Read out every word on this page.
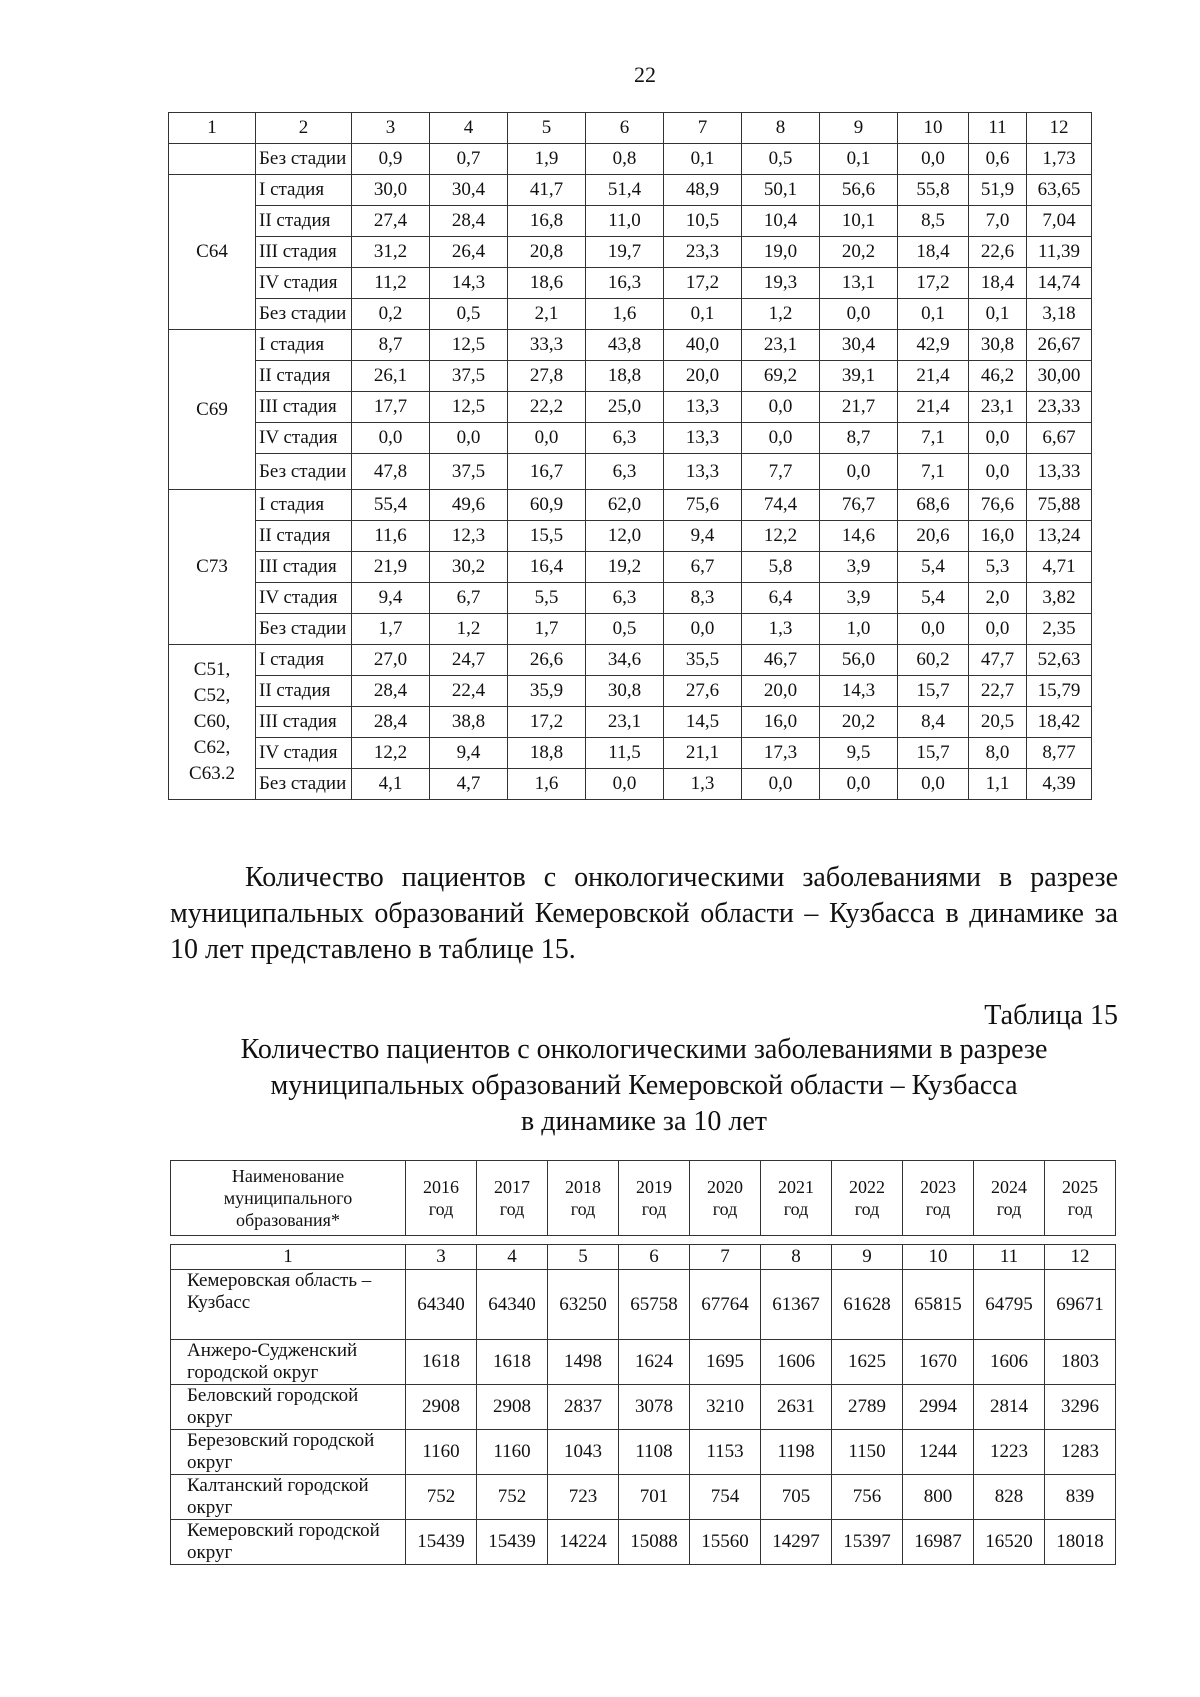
22
1	2	3	4	5	6	7	8	9	10	11	12
	Без стадии	0,9	0,7	1,9	0,8	0,1	0,5	0,1	0,0	0,6	1,73
С64	I стадия	30,0	30,4	41,7	51,4	48,9	50,1	56,6	55,8	51,9	63,65
	II стадия	27,4	28,4	16,8	11,0	10,5	10,4	10,1	8,5	7,0	7,04
	III стадия	31,2	26,4	20,8	19,7	23,3	19,0	20,2	18,4	22,6	11,39
	IV стадия	11,2	14,3	18,6	16,3	17,2	19,3	13,1	17,2	18,4	14,74
	Без стадии	0,2	0,5	2,1	1,6	0,1	1,2	0,0	0,1	0,1	3,18
С69	I стадия	8,7	12,5	33,3	43,8	40,0	23,1	30,4	42,9	30,8	26,67
	II стадия	26,1	37,5	27,8	18,8	20,0	69,2	39,1	21,4	46,2	30,00
	III стадия	17,7	12,5	22,2	25,0	13,3	0,0	21,7	21,4	23,1	23,33
	IV стадия	0,0	0,0	0,0	6,3	13,3	0,0	8,7	7,1	0,0	6,67
	Без стадии	47,8	37,5	16,7	6,3	13,3	7,7	0,0	7,1	0,0	13,33
С73	I стадия	55,4	49,6	60,9	62,0	75,6	74,4	76,7	68,6	76,6	75,88
	II стадия	11,6	12,3	15,5	12,0	9,4	12,2	14,6	20,6	16,0	13,24
	III стадия	21,9	30,2	16,4	19,2	6,7	5,8	3,9	5,4	5,3	4,71
	IV стадия	9,4	6,7	5,5	6,3	8,3	6,4	3,9	5,4	2,0	3,82
	Без стадии	1,7	1,2	1,7	0,5	0,0	1,3	1,0	0,0	0,0	2,35
С51, С52, С60, С62, С63.2	I стадия	27,0	24,7	26,6	34,6	35,5	46,7	56,0	60,2	47,7	52,63
	II стадия	28,4	22,4	35,9	30,8	27,6	20,0	14,3	15,7	22,7	15,79
	III стадия	28,4	38,8	17,2	23,1	14,5	16,0	20,2	8,4	20,5	18,42
	IV стадия	12,2	9,4	18,8	11,5	21,1	17,3	9,5	15,7	8,0	8,77
	Без стадии	4,1	4,7	1,6	0,0	1,3	0,0	0,0	0,0	1,1	4,39

Количество пациентов с онкологическими заболеваниями в разрезе муниципальных образований Кемеровской области – Кузбасса в динамике за 10 лет представлено в таблице 15.

Таблица 15
Количество пациентов с онкологическими заболеваниями в разрезе
муниципальных образований Кемеровской области – Кузбасса
в динамике за 10 лет
Наименование муниципального образования*	2016 год	2017 год	2018 год	2019 год	2020 год	2021 год	2022 год	2023 год	2024 год	2025 год
1	3	4	5	6	7	8	9	10	11	12
Кемеровская область – Кузбасс	64340	64340	63250	65758	67764	61367	61628	65815	64795	69671
Анжеро-Судженский городской округ	1618	1618	1498	1624	1695	1606	1625	1670	1606	1803
Беловский городской округ	2908	2908	2837	3078	3210	2631	2789	2994	2814	3296
Березовский городской округ	1160	1160	1043	1108	1153	1198	1150	1244	1223	1283
Калтанский городской округ	752	752	723	701	754	705	756	800	828	839
Кемеровский городской округ	15439	15439	14224	15088	15560	14297	15397	16987	16520	18018
